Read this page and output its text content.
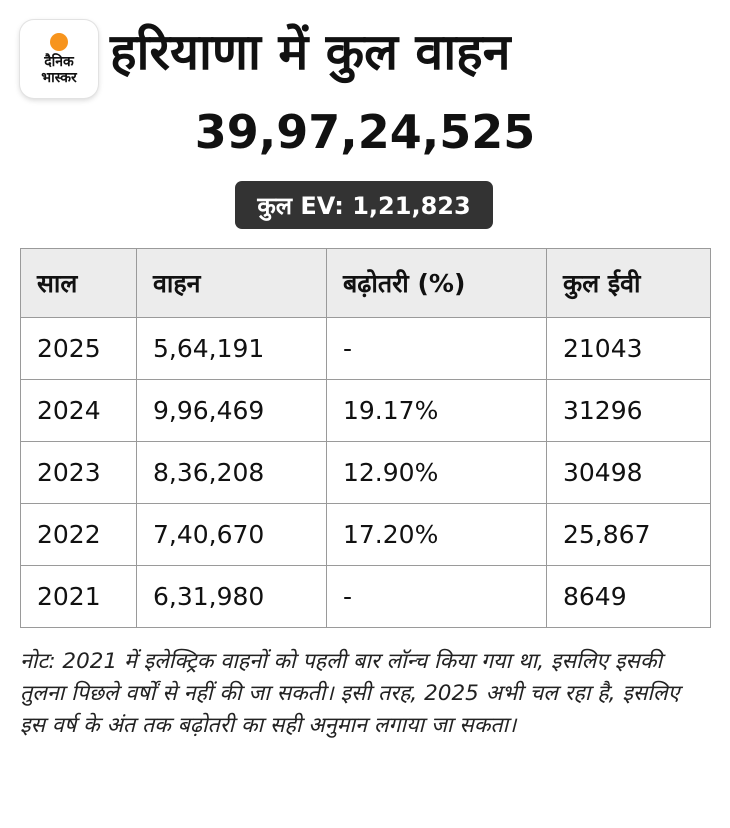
दैनिक
भास्कर हरियाणा में कुल वाहन
39,97,24,525
कुल EV: 1,21,823
साल	वाहन	बढ़ोतरी (%)	कुल ईवी
2025	5,64,191	-	21043
2024	9,96,469	19.17%	31296
2023	8,36,208	12.90%	30498
2022	7,40,670	17.20%	25,867
2021	6,31,980	-	8649
नोट: 2021 में इलेक्ट्रिक वाहनों को पहली बार लॉन्च किया गया था, इसलिए इसकी तुलना पिछले वर्षों से नहीं की जा सकती। इसी तरह, 2025 अभी चल रहा है, इसलिए इस वर्ष के अंत तक बढ़ोतरी का सही अनुमान लगाया जा सकता।
